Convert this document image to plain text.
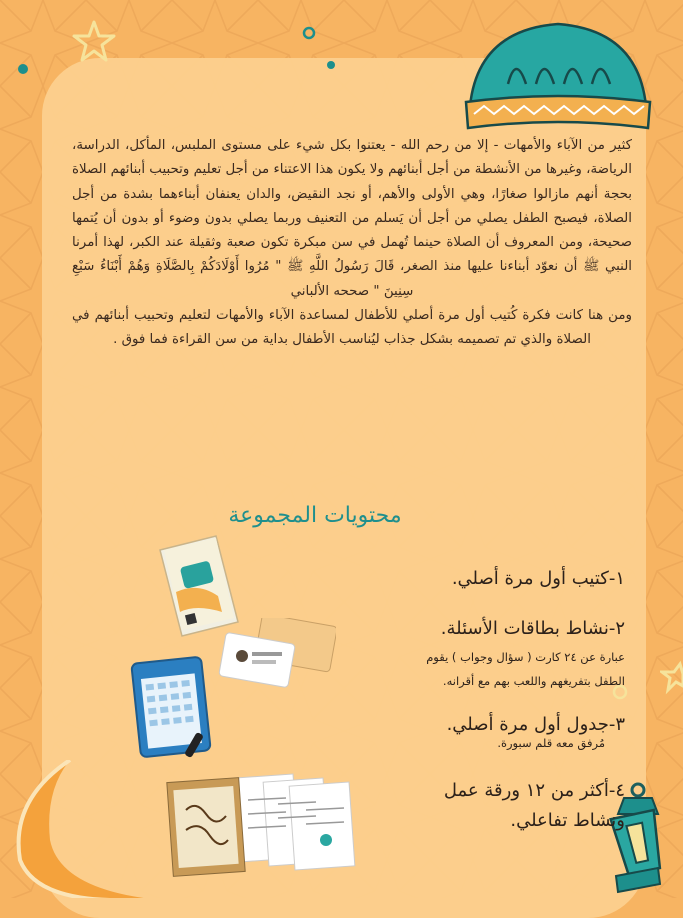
كثير من الآباء والأمهات - إلا من رحم الله - يعتنوا بكل شيء على مستوى الملبس، المأكل، الدراسة، الرياضة، وغيرها من الأنشطة من أجل أبنائهم ولا يكون هذا الاعتناء من أجل تعليم وتحبيب أبنائهم الصلاة بحجة أنهم مازالوا صغارًا، وهي الأولى والأهم، أو نجد النقيض، والدان يعنفان أبناءهما بشدة من أجل الصلاة، فيصبح الطفل يصلي من أجل أن يَسلم من التعنيف وربما يصلي بدون وضوء أو بدون أن يُتمها صحيحة، ومن المعروف أن الصلاة حينما تُهمل في سن مبكرة تكون صعبة وثقيلة عند الكبر، لهذا أمرنا النبي ﷺ أن نعوّد أبناءنا عليها منذ الصغر، قَالَ رَسُولُ اللَّهِ ﷺ " مُرُوا أَوْلَادَكُمْ بِالصَّلَاةِ وَهُمْ أَبْنَاءُ سَبْعِ سِنِينَ " صححه الألباني

ومن هنا كانت فكرة كُتيب أول مرة أصلي للأطفال لمساعدة الآباء والأمهات لتعليم وتحبيب أبنائهم في الصلاة والذي تم تصميمه بشكل جذاب ليُناسب الأطفال بداية من سن القراءة فما فوق .

محتويات المجموعة
١-كتيب أول مرة أصلي.
٢-نشاط بطاقات الأسئلة.
عبارة عن ٢٤ كارت ( سؤال وجواب ) يقوم
الطفل بتفريغهم واللعب بهم مع أقرانه.
٣-جدول أول مرة أصلي.
مُرفق معه قلم سبورة.
٤-أكثر من ١٢ ورقة عمل
ونشاط تفاعلي.
